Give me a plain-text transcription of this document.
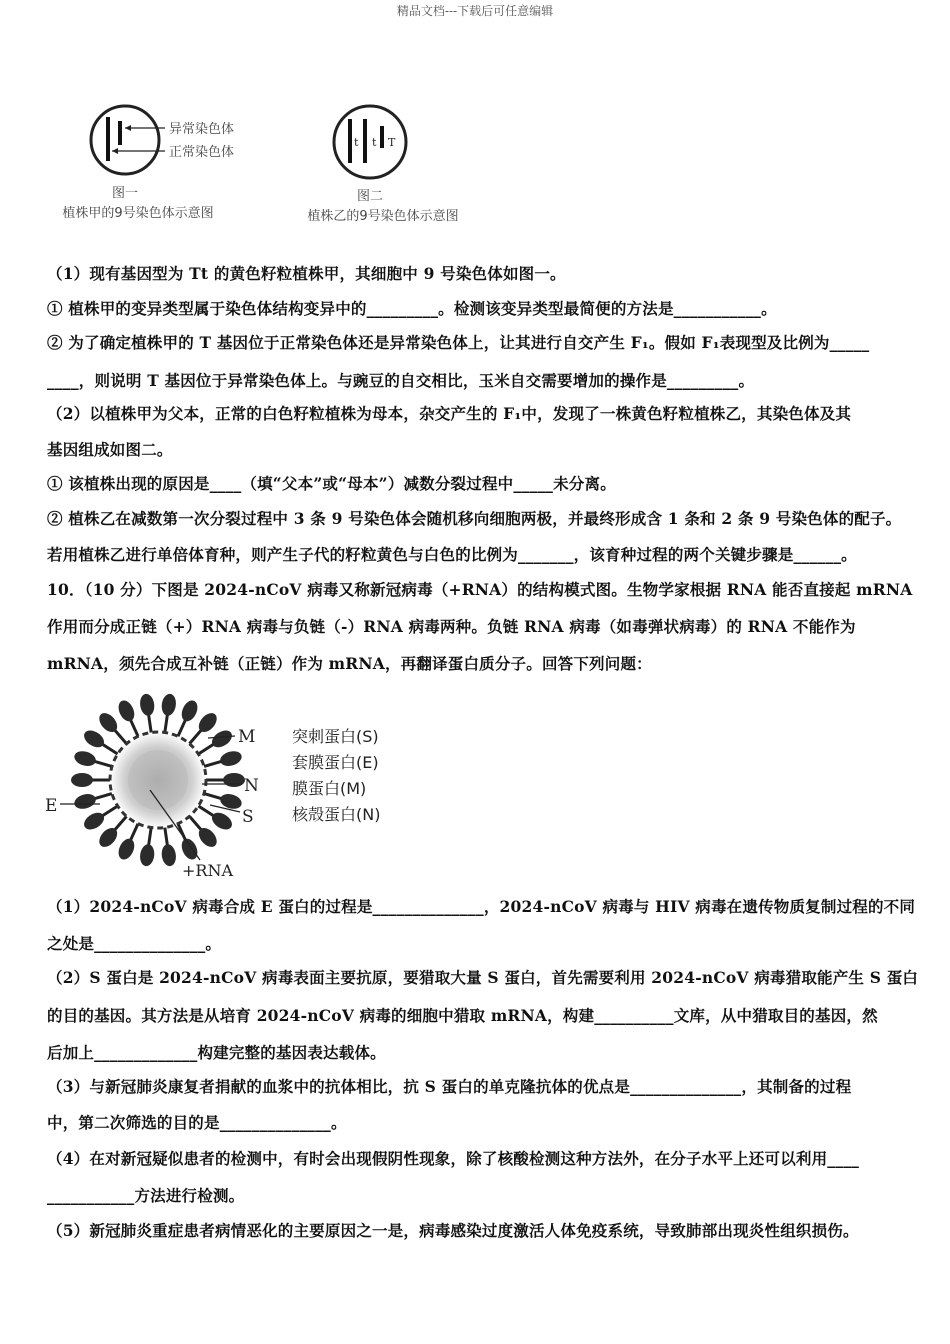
精品文档---下载后可任意编辑
异常染色体
正常染色体
图一
植株甲的9号染色体示意图
t t T
图二
植株乙的9号染色体示意图
（1）现有基因型为 Tt 的黄色籽粒植株甲，其细胞中 9 号染色体如图一。
① 植株甲的变异类型属于染色体结构变异中的_________。检测该变异类型最简便的方法是___________。
② 为了确定植株甲的 T 基因位于正常染色体还是异常染色体上，让其进行自交产生 F₁。假如 F₁表现型及比例为_____
____，则说明 T 基因位于异常染色体上。与豌豆的自交相比，玉米自交需要增加的操作是_________。
（2）以植株甲为父本，正常的白色籽粒植株为母本，杂交产生的 F₁中，发现了一株黄色籽粒植株乙，其染色体及其
基因组成如图二。
① 该植株出现的原因是____（填“父本”或“母本”）减数分裂过程中_____未分离。
② 植株乙在减数第一次分裂过程中 3 条 9 号染色体会随机移向细胞两极，并最终形成含 1 条和 2 条 9 号染色体的配子。
若用植株乙进行单倍体育种，则产生子代的籽粒黄色与白色的比例为_______，该育种过程的两个关键步骤是______。
10．（10 分）下图是 2024-nCoV 病毒又称新冠病毒（+RNA）的结构模式图。生物学家根据 RNA 能否直接起 mRNA
作用而分成正链（+）RNA 病毒与负链（-）RNA 病毒两种。负链 RNA 病毒（如毒弹状病毒）的 RNA 不能作为
mRNA，须先合成互补链（正链）作为 mRNA，再翻译蛋白质分子。回答下列问题：
M
N
S
E
+RNA
突刺蛋白(S)
套膜蛋白(E)
膜蛋白(M)
核殻蛋白(N)
（1）2024-nCoV 病毒合成 E 蛋白的过程是______________，2024-nCoV 病毒与 HIV 病毒在遗传物质复制过程的不同
之处是______________。
（2）S 蛋白是 2024-nCoV 病毒表面主要抗原，要猎取大量 S 蛋白，首先需要利用 2024-nCoV 病毒猎取能产生 S 蛋白
的目的基因。其方法是从培育 2024-nCoV 病毒的细胞中猎取 mRNA，构建__________文库，从中猎取目的基因，然
后加上_____________构建完整的基因表达载体。
（3）与新冠肺炎康复者捐献的血浆中的抗体相比，抗 S 蛋白的单克隆抗体的优点是______________，其制备的过程
中，第二次筛选的目的是______________。
（4）在对新冠疑似患者的检测中，有时会出现假阴性现象，除了核酸检测这种方法外，在分子水平上还可以利用____
___________方法进行检测。
（5）新冠肺炎重症患者病情恶化的主要原因之一是，病毒感染过度激活人体免疫系统，导致肺部出现炎性组织损伤。
